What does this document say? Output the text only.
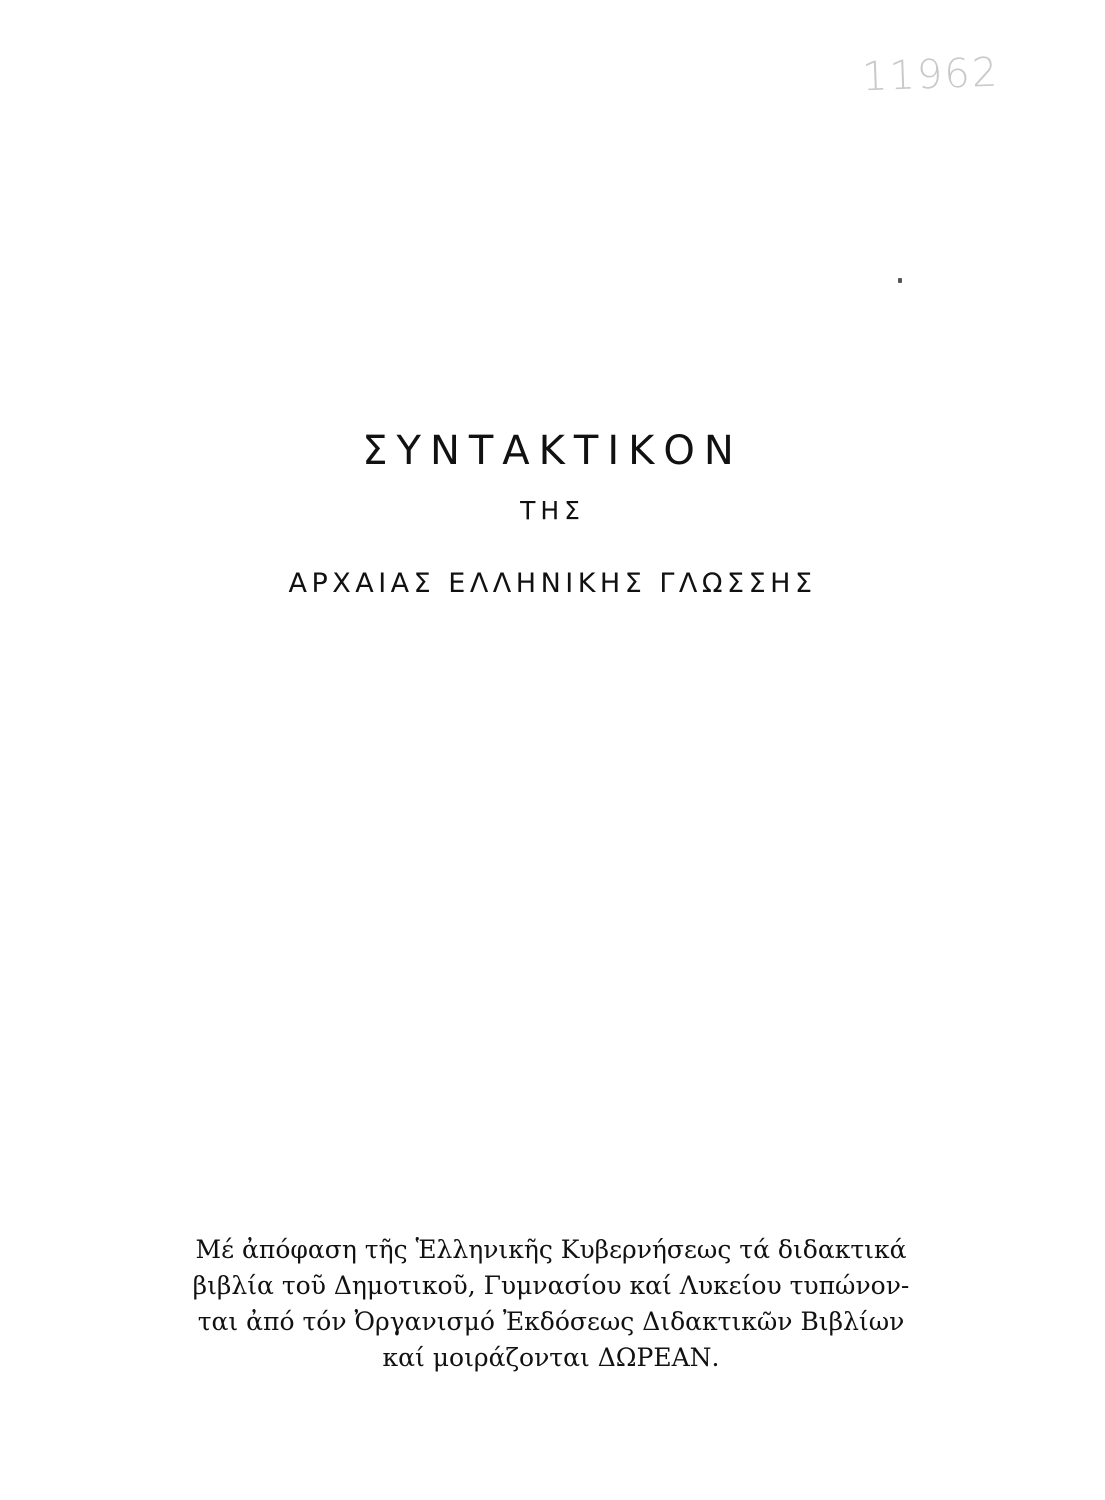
11962
ΣΥΝΤΑΚΤΙΚΟΝ
ΤΗΣ
ΑΡΧΑΙΑΣ ΕΛΛΗΝΙΚΗΣ ΓΛΩΣΣΗΣ
Μέ ἀπόφαση τῆς Ἑλληνικῆς Κυβερνήσεως τά διδακτικά
βιβλία τοῦ Δημοτικοῦ, Γυμνασίου καί Λυκείου τυπώνον-
ται ἀπό τόν Ὀργανισμό Ἐκδόσεως Διδακτικῶν Βιβλίων
καί μοιράζονται ΔΩΡΕΑΝ.
